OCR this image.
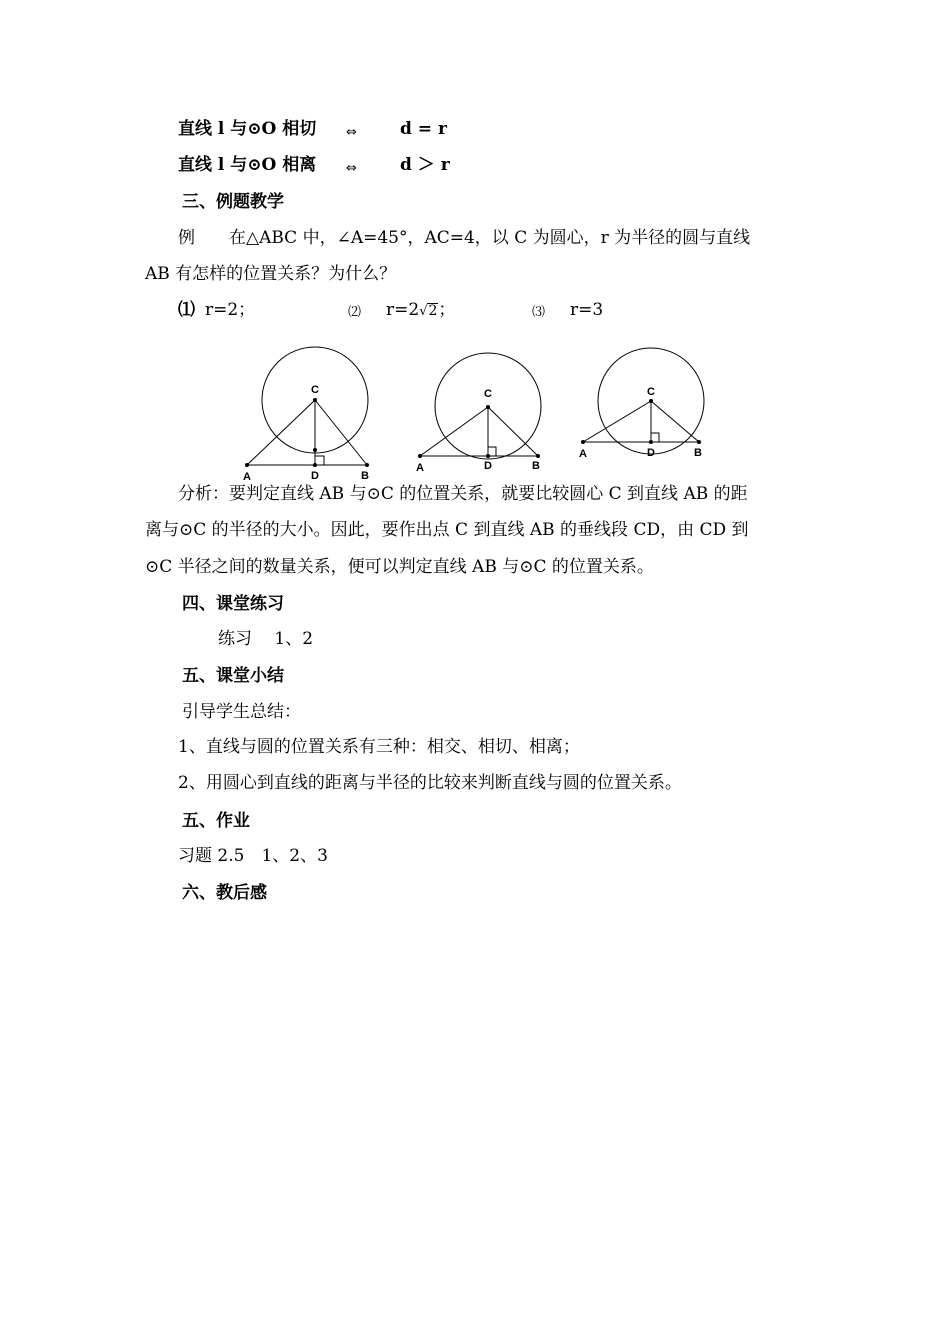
直线 l 与⊙O 相切 ⇔	d = r
直线 l 与⊙O 相离 ⇔	d ＞ r
三、例题教学
例 在△ABC 中，∠A=45°，AC=4，以 C 为圆心，r 为半径的圆与直线
AB 有怎样的位置关系？为什么？
⑴ r=2；	⑵ r=2√2；	⑶ r=3
C
A	D	B
C
A	D	B
C
A	D	B
分析：要判定直线 AB 与⊙C 的位置关系，就要比较圆心 C 到直线 AB 的距
离与⊙C 的半径的大小。因此，要作出点 C 到直线 AB 的垂线段 CD，由 CD 到
⊙C 半径之间的数量关系，便可以判定直线 AB 与⊙C 的位置关系。
四、课堂练习
练习　 1、2
五、课堂小结
引导学生总结：
1、直线与圆的位置关系有三种：相交、相切、相离；
2、用圆心到直线的距离与半径的比较来判断直线与圆的位置关系。
五、作业
习题 2.5　1、2、3
六、教后感
